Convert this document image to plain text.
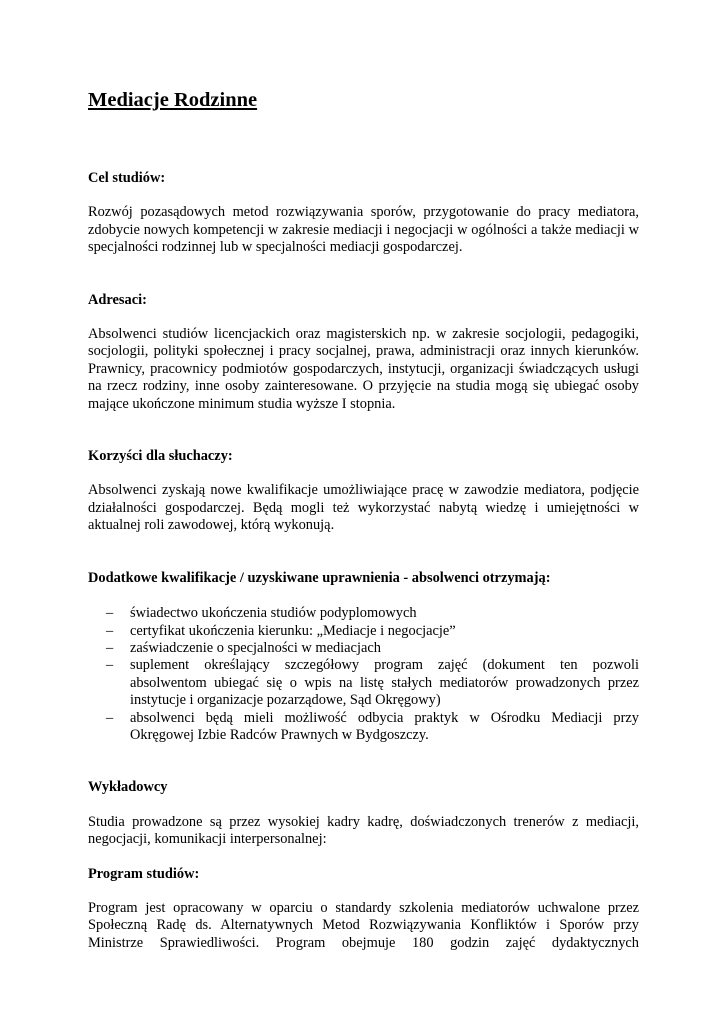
Mediacje Rodzinne

Cel studiów:

Rozwój pozasądowych metod rozwiązywania sporów, przygotowanie do pracy mediatora, zdobycie nowych kompetencji w zakresie mediacji i negocjacji w ogólności a także mediacji w specjalności rodzinnej lub w specjalności mediacji gospodarczej.

Adresaci:

Absolwenci studiów licencjackich oraz magisterskich np. w zakresie socjologii, pedagogiki, socjologii, polityki społecznej i pracy socjalnej, prawa, administracji oraz innych kierunków. Prawnicy, pracownicy podmiotów gospodarczych, instytucji, organizacji świadczących usługi na rzecz rodziny, inne osoby zainteresowane. O przyjęcie na studia mogą się ubiegać osoby mające ukończone minimum studia wyższe I stopnia.

Korzyści dla słuchaczy:

Absolwenci zyskają nowe kwalifikacje umożliwiające pracę w zawodzie mediatora, podjęcie działalności gospodarczej. Będą mogli też wykorzystać nabytą wiedzę i umiejętności w aktualnej roli zawodowej, którą wykonują.

Dodatkowe kwalifikacje / uzyskiwane uprawnienia - absolwenci otrzymają:

– świadectwo ukończenia studiów podyplomowych
– certyfikat ukończenia kierunku: „Mediacje i negocjacje”
– zaświadczenie o specjalności w mediacjach
– suplement określający szczegółowy program zajęć (dokument ten pozwoli absolwentom ubiegać się o wpis na listę stałych mediatorów prowadzonych przez instytucje i organizacje pozarządowe, Sąd Okręgowy)
– absolwenci będą mieli możliwość odbycia praktyk w Ośrodku Mediacji przy Okręgowej Izbie Radców Prawnych w Bydgoszczy.

Wykładowcy

Studia prowadzone są przez wysokiej kadry kadrę, doświadczonych trenerów z mediacji, negocjacji, komunikacji interpersonalnej:

Program studiów:

Program jest opracowany w oparciu o standardy szkolenia mediatorów uchwalone przez Społeczną Radę ds. Alternatywnych Metod Rozwiązywania Konfliktów i Sporów przy Ministrze Sprawiedliwości. Program obejmuje 180 godzin zajęć dydaktycznych
